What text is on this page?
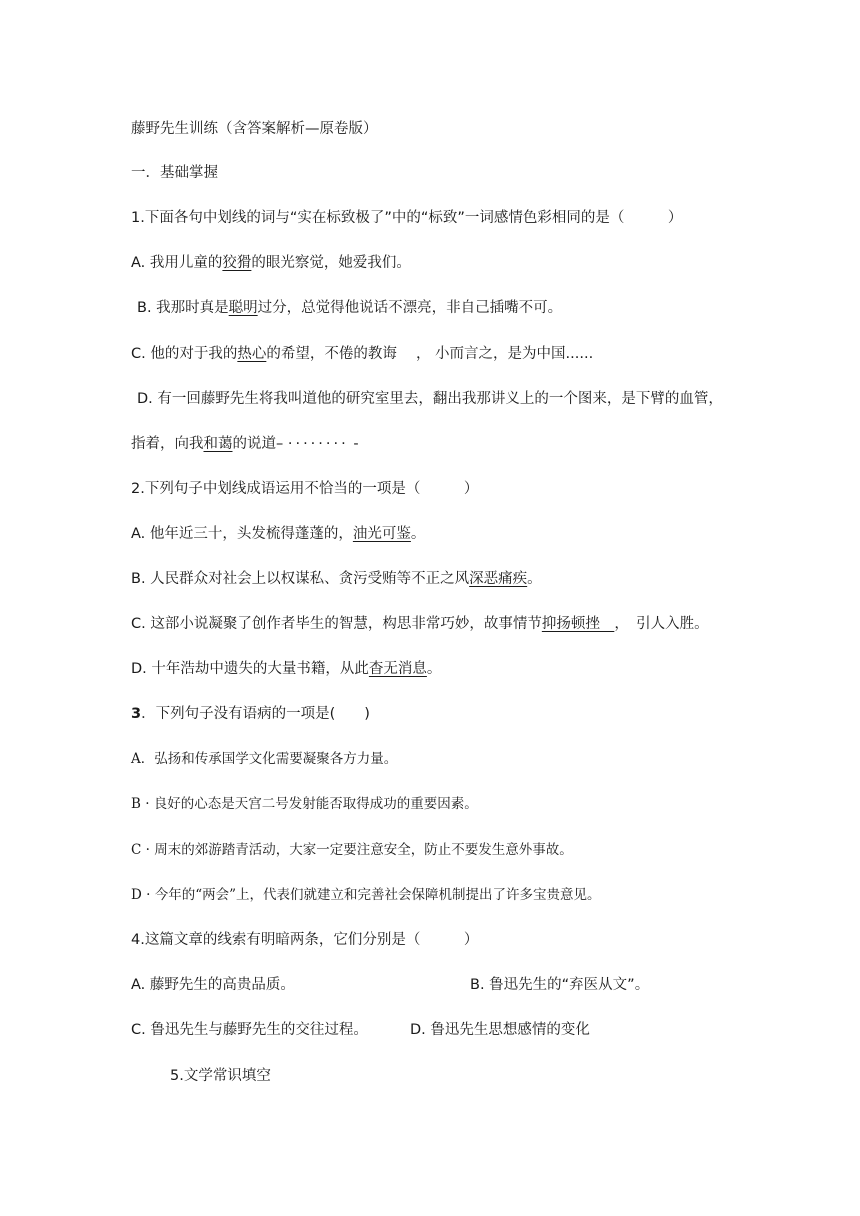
藤野先生训练（含答案解析—原卷版）
一．基础掌握
1.下面各句中划线的词与“实在标致极了”中的“标致”一词感情色彩相同的是（　　　）
A. 我用儿童的狡猾的眼光察觉，她爱我们。
B. 我那时真是聪明过分，总觉得他说话不漂亮，非自己插嘴不可。
C. 他的对于我的热心的希望，不倦的教诲　 ， 小而言之，是为中国......
D. 有一回藤野先生将我叫道他的研究室里去，翻出我那讲义上的一个图来，是下臂的血管，
指着，向我和蔼的说道– ········ -
2.下列句子中划线成语运用不恰当的一项是（　　　）
A. 他年近三十，头发梳得蓬蓬的，油光可鉴。
B. 人民群众对社会上以权谋私、贪污受贿等不正之风深恶痛疾。
C. 这部小说凝聚了创作者毕生的智慧，构思非常巧妙，故事情节抑扬顿挫　，　引人入胜。
D. 十年浩劫中遗失的大量书籍，从此杳无消息。
3．下列句子没有语病的一项是(　　)
A．弘扬和传承国学文化需要凝聚各方力量。
B · 良好的心态是天宫二号发射能否取得成功的重要因素。
C · 周末的郊游踏青活动，大家一定要注意安全，防止不要发生意外事故。
D · 今年的“两会”上，代表们就建立和完善社会保障机制提出了许多宝贵意见。
4.这篇文章的线索有明暗两条，它们分别是（　　　）
A. 藤野先生的高贵品质。	B. 鲁迅先生的“弃医从文”。
C. 鲁迅先生与藤野先生的交往过程。	D. 鲁迅先生思想感情的变化
5.文学常识填空
